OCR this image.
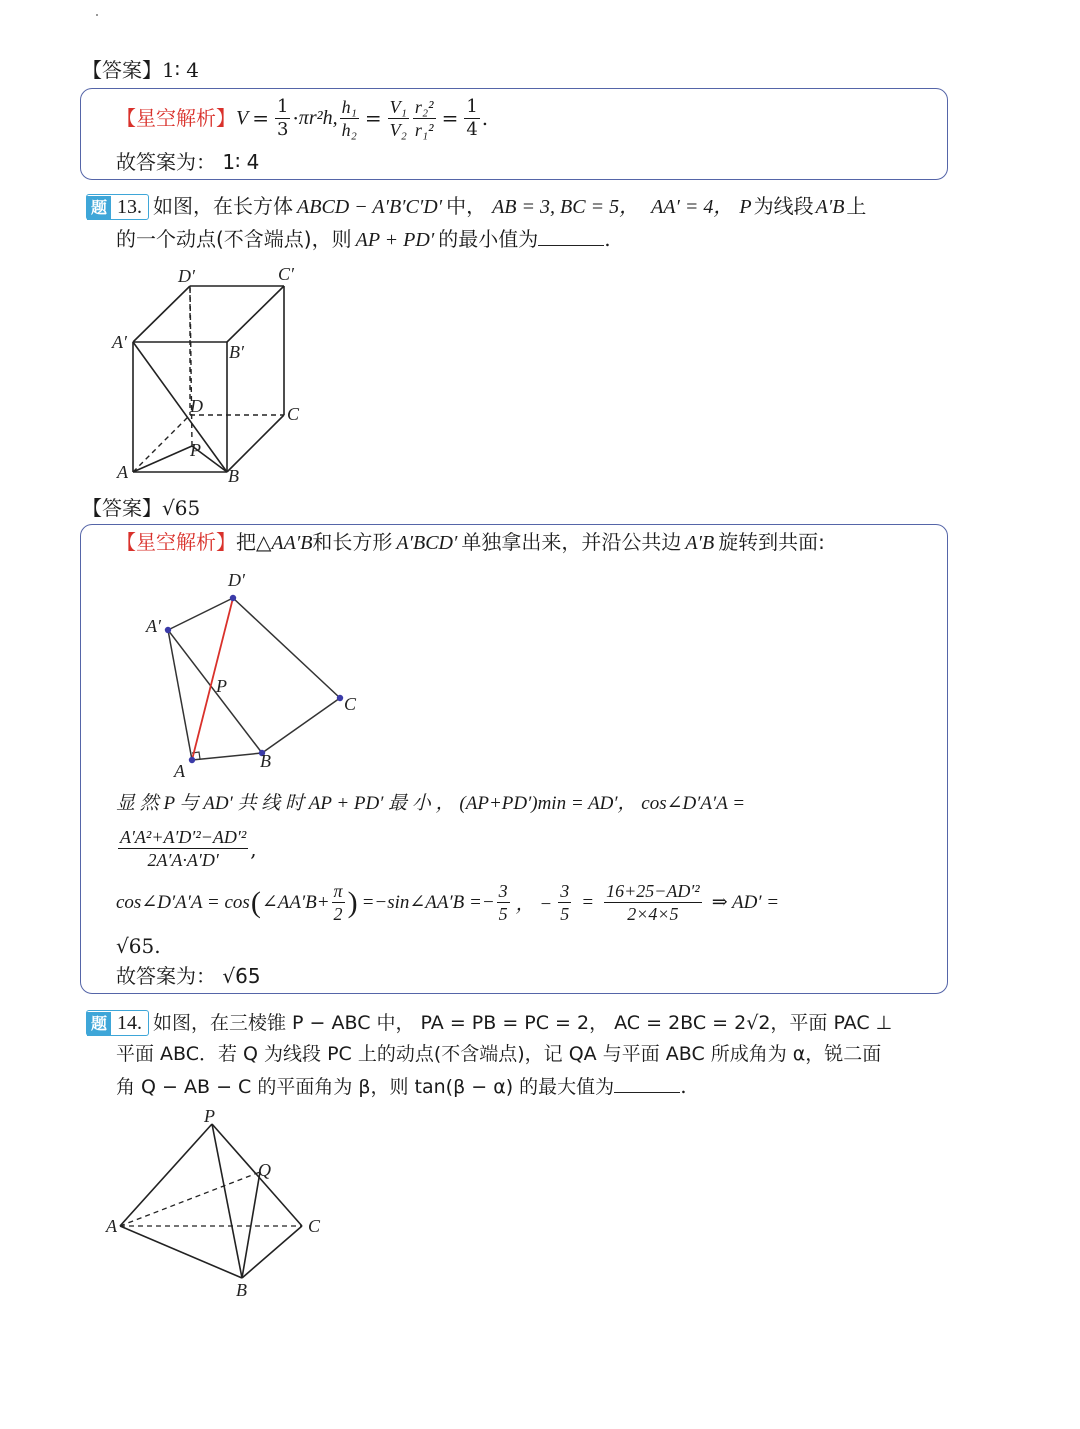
【答案】1∶ 4
【星空解析】 $V = \frac{1}{3} \cdot \pi r^2h$, $\frac{\text{h₁}}{\text{h₂}} = \frac{\text{V₁}}{\text{V₂}} \frac{\text{r₂²}}{\text{r₁²}} = \frac{1}{4}$ .
故答案为： 1∶ 4
题 13. 如图，在长方体 ABCD − A′B′C′D′ 中， AB = 3, BC = 5， AA′ = 4， P 为线段 A′B 上
的一个动点(不含端点)，则 AP + PD′ 的最小值为	.
D′	C′
A′	B′
D	C
P
A	B
【答案】√65
【星空解析】把△AA′B和长方形 A′BCD′ 单独拿出来，并沿公共边 A′B 旋转到共面:
D′
A′
P
C
A	B
显 然 P 与 AD′ 共 线 时 AP + PD′ 最 小 ， (AP+PD′)min = AD′， cos∠D′A′A =
$\frac{\text{A′A²+A′D′²−AD′²}}{2A'A\cdot A'D'}$ ,
cos∠D′A′A = cos ( ∠AA′B+ $\frac{\pi}{2}$ ) =−sin∠AA′B =− $\frac{3}{5}$ ， − $\frac{3}{5} = \frac{\text{16+25−AD′²}}{2\times 4\times 5}$ ⇒ AD′ =
√65.
故答案为： √65
题 14. 如图，在三棱锥 P − ABC 中， PA = PB = PC = 2， AC = 2BC = 2√2，平面 PAC ⊥
平面 ABC．若 Q 为线段 PC 上的动点(不含端点)，记 QA 与平面 ABC 所成角为 α，锐二面
角 Q − AB − C 的平面角为 β，则 tan(β − α) 的最大值为	.
P
Q
A	C
B
